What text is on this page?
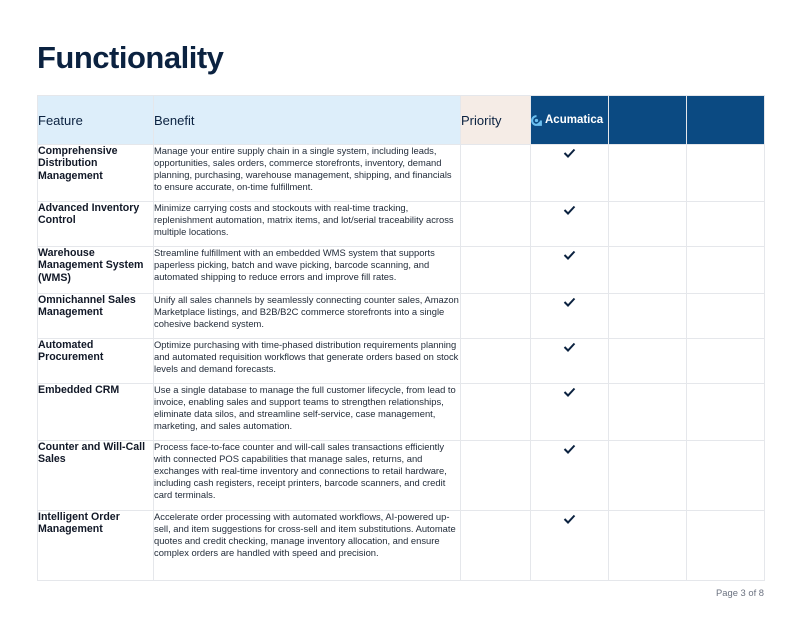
Functionality
Feature	Benefit	Priority	Acumatica		

Comprehensive Distribution Management	Manage your entire supply chain in a single system, including leads, opportunities, sales orders, commerce storefronts, inventory, demand planning, purchasing, warehouse management, shipping, and financials to ensure accurate, on-time fulfillment.				
Advanced Inventory Control	Minimize carrying costs and stockouts with real-time tracking, replenishment automation, matrix items, and lot/serial traceability across multiple locations.				
Warehouse Management System (WMS)	Streamline fulfillment with an embedded WMS system that supports paperless picking, batch and wave picking, barcode scanning, and automated shipping to reduce errors and improve fill rates.				
Omnichannel Sales Management	Unify all sales channels by seamlessly connecting counter sales, Amazon Marketplace listings, and B2B/B2C commerce storefronts into a single cohesive backend system.				
Automated Procurement	Optimize purchasing with time-phased distribution requirements planning and automated requisition workflows that generate orders based on stock levels and demand forecasts.				
Embedded CRM	Use a single database to manage the full customer lifecycle, from lead to invoice, enabling sales and support teams to strengthen relationships, eliminate data silos, and streamline self-service, case management, marketing, and sales automation.				
Counter and Will-Call Sales	Process face-to-face counter and will-call sales transactions efficiently with connected POS capabilities that manage sales, returns, and exchanges with real-time inventory and connections to retail hardware, including cash registers, receipt printers, barcode scanners, and credit card terminals.				
Intelligent Order Management	Accelerate order processing with automated workflows, AI-powered up-sell, and item suggestions for cross-sell and item substitutions. Automate quotes and credit checking, manage inventory allocation, and ensure complex orders are handled with speed and precision.				
Page 3 of 8
